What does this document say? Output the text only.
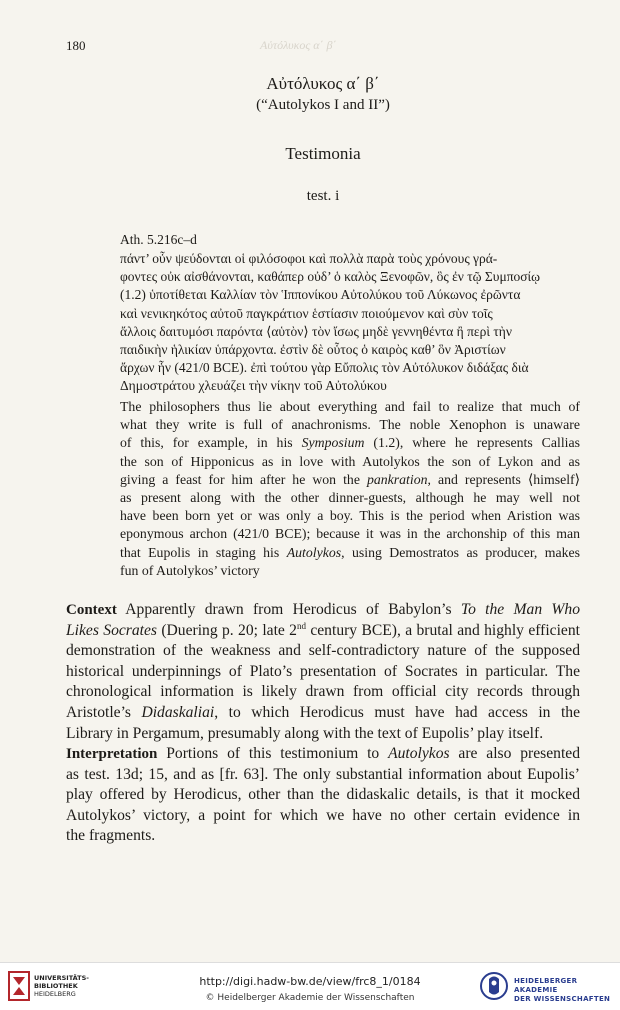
180	Aὐτόλυκος α΄ β΄
Αὐτόλυκος α΄ β΄
(“Autolykos I and II”)
Testimonia
test. i
Ath. 5.216c–d
πάντ’ οὖν ψεύδονται οἱ φιλόσοφοι καὶ πολλὰ παρὰ τοὺς χρόνους γρά-
φοντες οὐκ αἰσθάνονται, καθάπερ οὐδ’ ὁ καλὸς Ξενοφῶν, ὃς ἐν τῷ Συμποσίῳ
(1.2) ὑποτίθεται Καλλίαν τὸν Ἱππονίκου Αὐτολύκου τοῦ Λύκωνος ἐρῶντα
καὶ νενικηκότος αὐτοῦ παγκράτιον ἑστίασιν ποιούμενον καὶ σὺν τοῖς
ἄλλοις δαιτυμόσι παρόντα ⟨αὑτὸν⟩ τὸν ἴσως μηδὲ γεννηθέντα ἢ περὶ τὴν
παιδικὴν ἡλικίαν ὑπάρχοντα. ἐστὶν δὲ οὗτος ὁ καιρὸς καθ’ ὃν Ἀριστίων
ἄρχων ἦν (421/0 BCE). ἐπὶ τούτου γὰρ Εὔπολις τὸν Αὐτόλυκον διδάξας διὰ
Δημοστράτου χλευάζει τὴν νίκην τοῦ Αὐτολύκου
The philosophers thus lie about everything and fail to realize that much of
what they write is full of anachronisms. The noble Xenophon is unaware
of this, for example, in his Symposium (1.2), where he represents Callias
the son of Hipponicus as in love with Autolykos the son of Lykon and as
giving a feast for him after he won the pankration, and represents ⟨himself⟩
as present along with the other dinner-guests, although he may well not
have been born yet or was only a boy. This is the period when Aristion was
eponymous archon (421/0 BCE); because it was in the archonship of this man
that Eupolis in staging his Autolykos, using Demostratos as producer, makes
fun of Autolykos’ victory
Context Apparently drawn from Herodicus of Babylon’s To the Man Who
Likes Socrates (Duering p. 20; late 2nd century BCE), a brutal and highly efficient
demonstration of the weakness and self-contradictory nature of the supposed
historical underpinnings of Plato’s presentation of Socrates in particular. The
chronological information is likely drawn from official city records through
Aristotle’s Didaskaliai, to which Herodicus must have had access in the
Library in Pergamum, presumably along with the text of Eupolis’ play itself.
Interpretation Portions of this testimonium to Autolykos are also presented
as test. 13d; 15, and as [fr. 63]. The only substantial information about Eupolis’
play offered by Herodicus, other than the didaskalic details, is that it mocked
Autolykos’ victory, a point for which we have no other certain evidence in
the fragments.
UNIVERSITÄTS-
BIBLIOTHEK
HEIDELBERG
http://digi.hadw-bw.de/view/frc8_1/0184
© Heidelberger Akademie der Wissenschaften
HEIDELBERGER AKADEMIE
DER WISSENSCHAFTEN
